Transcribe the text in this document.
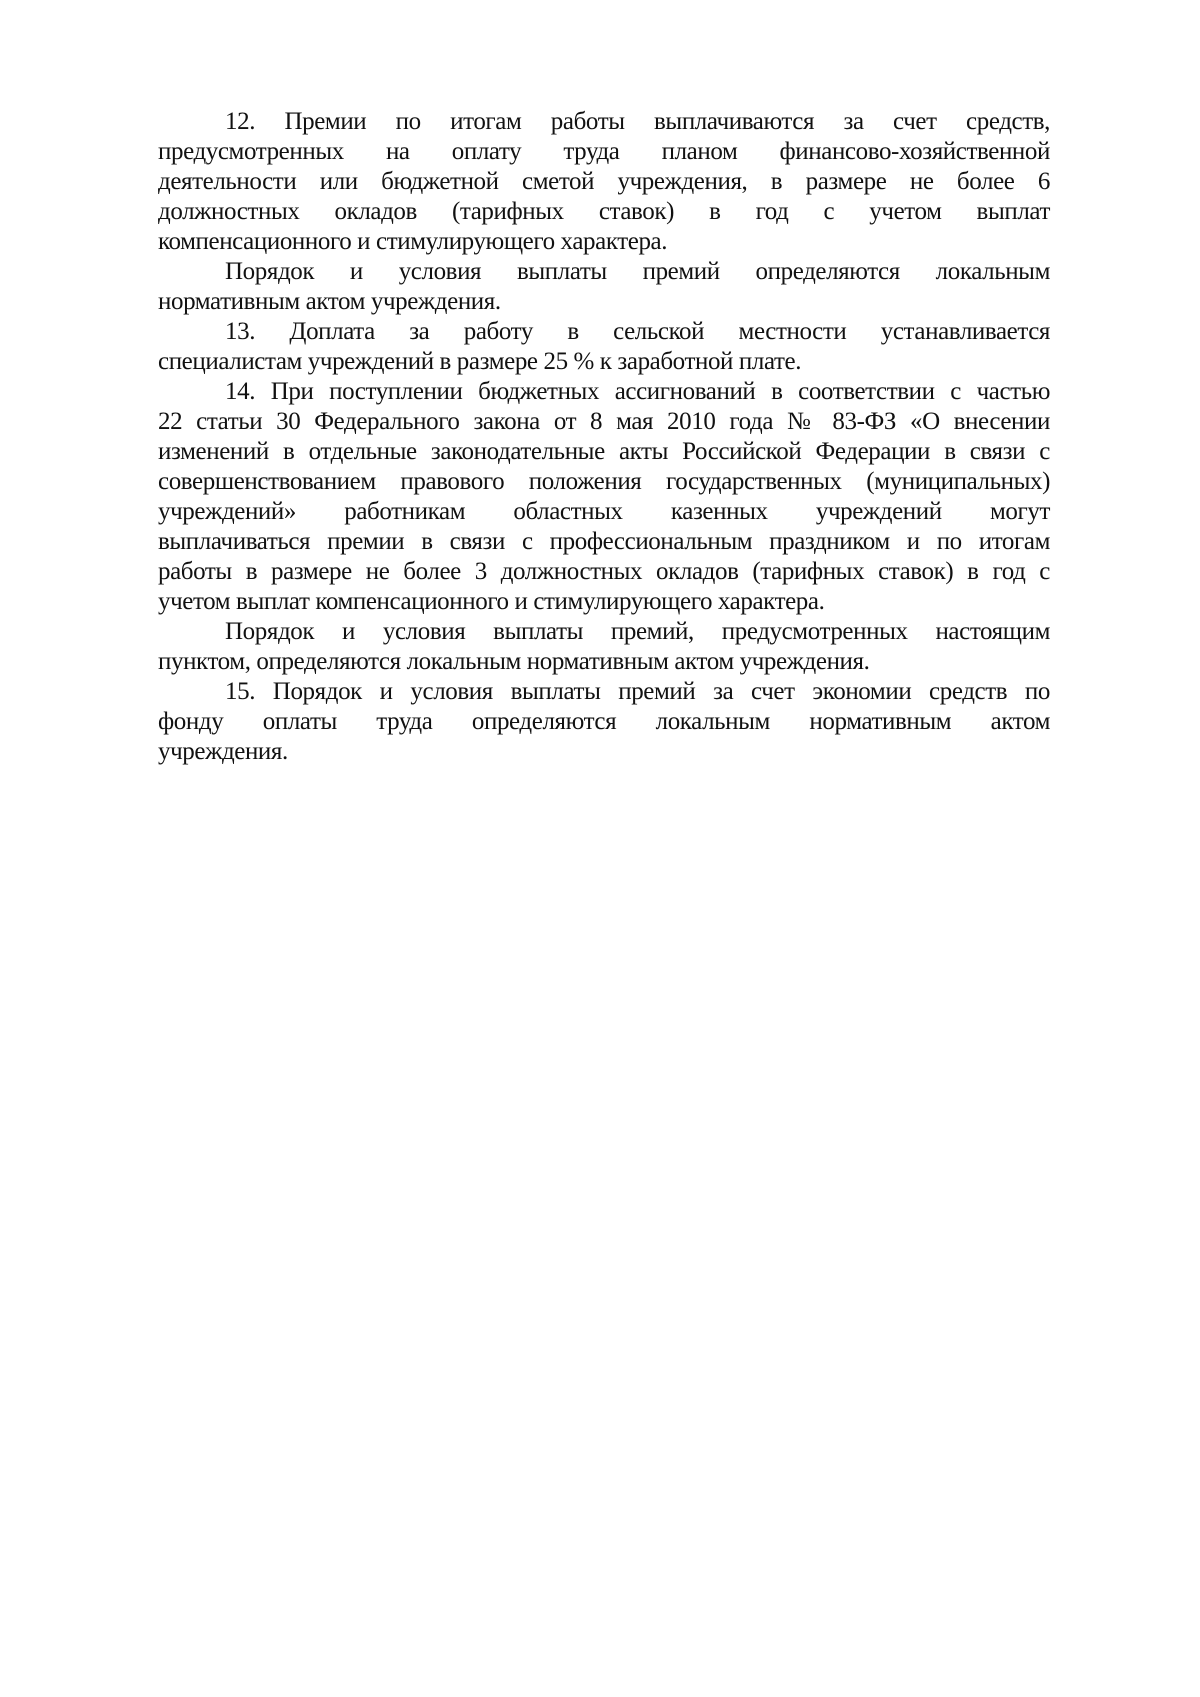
12. Премии по итогам работы выплачиваются за счет средств,
предусмотренных на оплату труда планом финансово-хозяйственной
деятельности или бюджетной сметой учреждения, в размере не более 6
должностных окладов (тарифных ставок) в год с учетом выплат
компенсационного и стимулирующего характера.
Порядок и условия выплаты премий определяются локальным
нормативным актом учреждения.
13. Доплата за работу в сельской местности устанавливается
специалистам учреждений в размере 25 % к заработной плате.
14. При поступлении бюджетных ассигнований в соответствии с частью
22 статьи 30 Федерального закона от 8 мая 2010 года № 83-ФЗ «О внесении
изменений в отдельные законодательные акты Российской Федерации в связи с
совершенствованием правового положения государственных (муниципальных)
учреждений» работникам областных казенных учреждений могут
выплачиваться премии в связи с профессиональным праздником и по итогам
работы в размере не более 3 должностных окладов (тарифных ставок) в год с
учетом выплат компенсационного и стимулирующего характера.
Порядок и условия выплаты премий, предусмотренных настоящим
пунктом, определяются локальным нормативным актом учреждения.
15. Порядок и условия выплаты премий за счет экономии средств по
фонду оплаты труда определяются локальным нормативным актом
учреждения.
